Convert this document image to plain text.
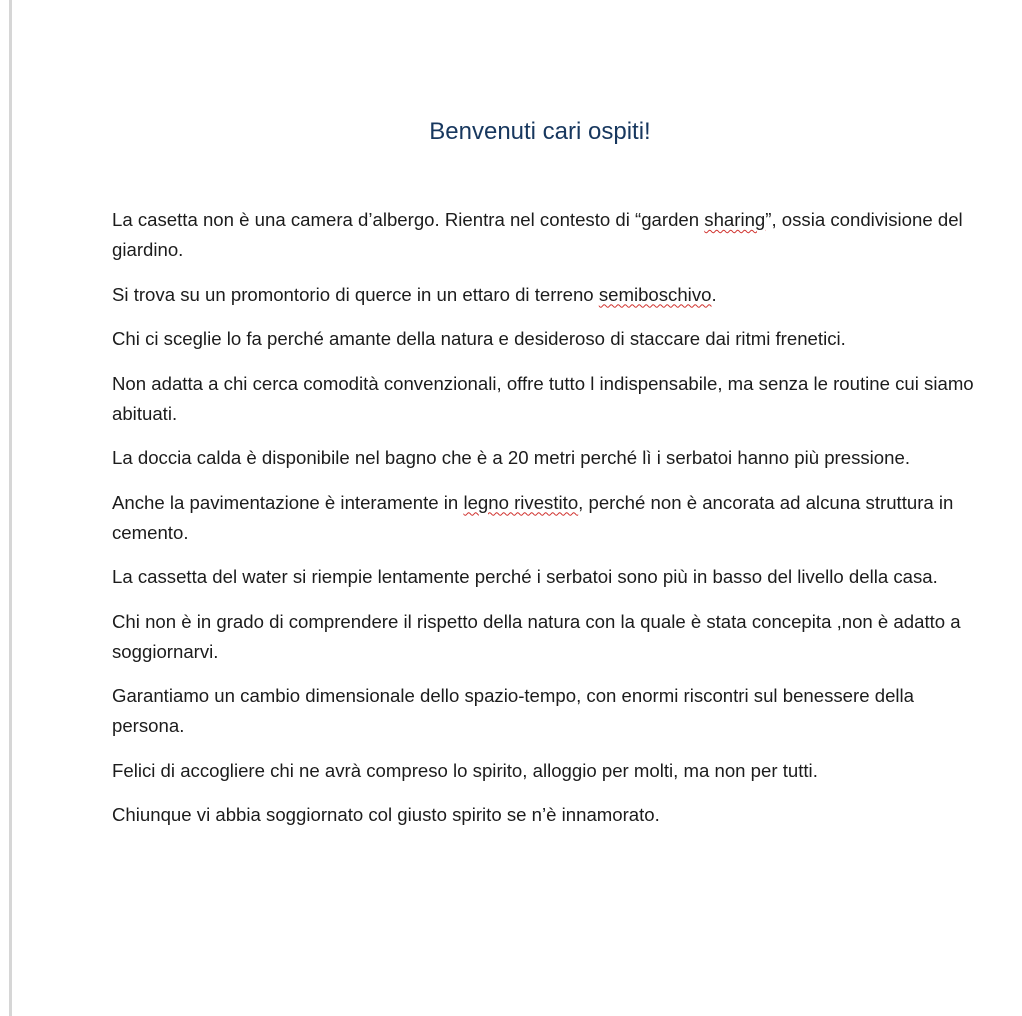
Benvenuti cari ospiti!

La casetta non è una camera d’albergo. Rientra nel contesto di “garden sharing”, ossia condivisione del giardino.

Si trova su un promontorio di querce in un ettaro di terreno semiboschivo.

Chi ci sceglie lo fa perché amante della natura e desideroso di staccare dai ritmi frenetici.

Non adatta a chi cerca comodità convenzionali, offre tutto l indispensabile, ma senza le routine cui siamo abituati.

La doccia calda è disponibile nel bagno che è a 20 metri perché lì i serbatoi hanno più pressione.

Anche la pavimentazione è interamente in legno rivestito, perché non è ancorata ad alcuna struttura in cemento.

La cassetta del water si riempie lentamente perché i serbatoi sono più in basso del livello della casa.

Chi non è in grado di comprendere il rispetto della natura con la quale è stata concepita ,non è adatto a soggiornarvi.

Garantiamo un cambio dimensionale dello spazio-tempo, con enormi riscontri sul benessere della persona.

Felici di accogliere chi ne avrà compreso lo spirito, alloggio per molti, ma non per tutti.

Chiunque vi abbia soggiornato col giusto spirito se n’è innamorato.
